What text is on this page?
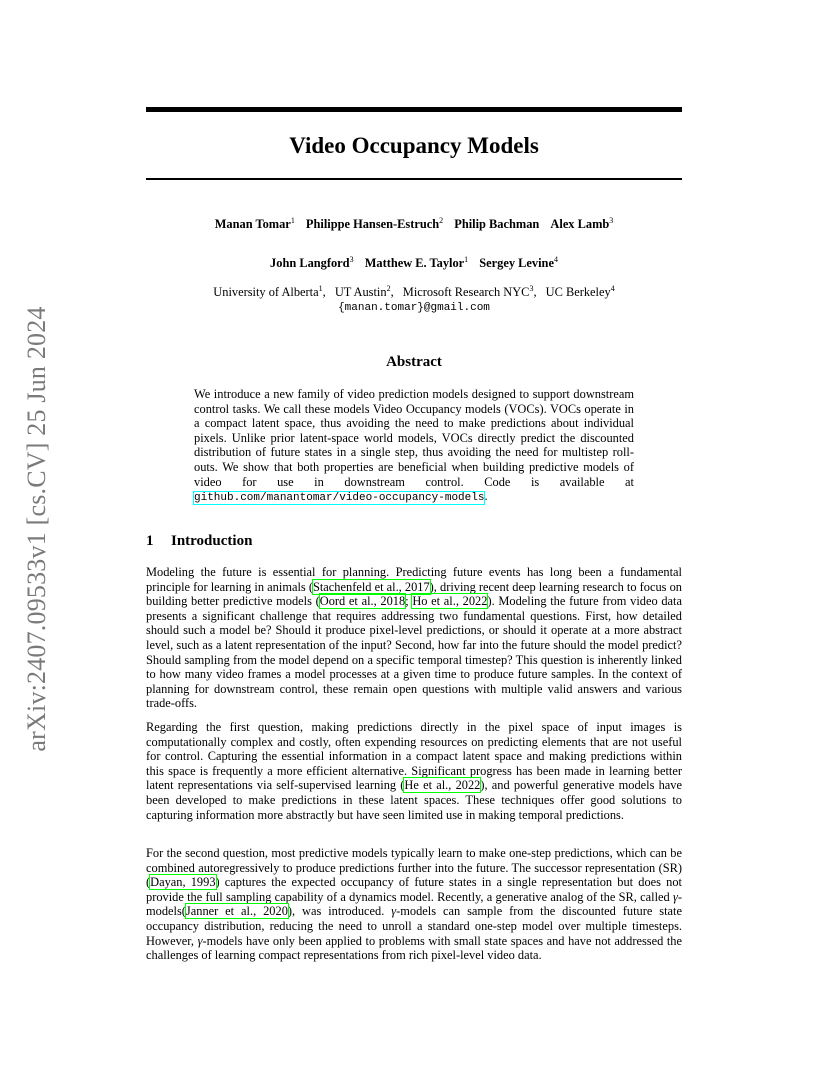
arXiv:2407.09533v1 [cs.CV] 25 Jun 2024
Video Occupancy Models
Manan Tomar$^1$ Philippe Hansen-Estruch$^2$ Philip Bachman Alex Lamb$^3$
John Langford$^3$ Matthew E. Taylor$^1$ Sergey Levine$^4$
University of Alberta$^1$, UT Austin$^2$, Microsoft Research NYC$^3$, UC Berkeley$^4$
{manan.tomar}@gmail.com
Abstract
We introduce a new family of video prediction models designed to support downstream control tasks. We call these models Video Occupancy models (VOCs). VOCs operate in a compact latent space, thus avoiding the need to make predictions about individual pixels. Unlike prior latent-space world models, VOCs directly predict the discounted distribution of future states in a single step, thus avoiding the need for multistep roll-outs. We show that both properties are beneficial when building predictive models of video for use in downstream control. Code is available at github.com/manantomar/video-occupancy-models.
1 Introduction
Modeling the future is essential for planning. Predicting future events has long been a fundamental principle for learning in animals (Stachenfeld et al., 2017), driving recent deep learning research to focus on building better predictive models (Oord et al., 2018; Ho et al., 2022). Modeling the future from video data presents a significant challenge that requires addressing two fundamental questions. First, how detailed should such a model be? Should it produce pixel-level predictions, or should it operate at a more abstract level, such as a latent representation of the input? Second, how far into the future should the model predict? Should sampling from the model depend on a specific temporal timestep? This question is inherently linked to how many video frames a model processes at a given time to produce future samples. In the context of planning for downstream control, these remain open questions with multiple valid answers and various trade-offs.
Regarding the first question, making predictions directly in the pixel space of input images is computationally complex and costly, often expending resources on predicting elements that are not useful for control. Capturing the essential information in a compact latent space and making predictions within this space is frequently a more efficient alternative. Significant progress has been made in learning better latent representations via self-supervised learning (He et al., 2022), and powerful generative models have been developed to make predictions in these latent spaces. These techniques offer good solutions to capturing information more abstractly but have seen limited use in making temporal predictions.
For the second question, most predictive models typically learn to make one-step predictions, which can be combined autoregressively to produce predictions further into the future. The successor representation (SR)(Dayan, 1993) captures the expected occupancy of future states in a single representation but does not provide the full sampling capability of a dynamics model. Recently, a generative analog of the SR, called γ-models(Janner et al., 2020), was introduced. γ-models can sample from the discounted future state occupancy distribution, reducing the need to unroll a standard one-step model over multiple timesteps. However, γ-models have only been applied to problems with small state spaces and have not addressed the challenges of learning compact representations from rich pixel-level video data.
